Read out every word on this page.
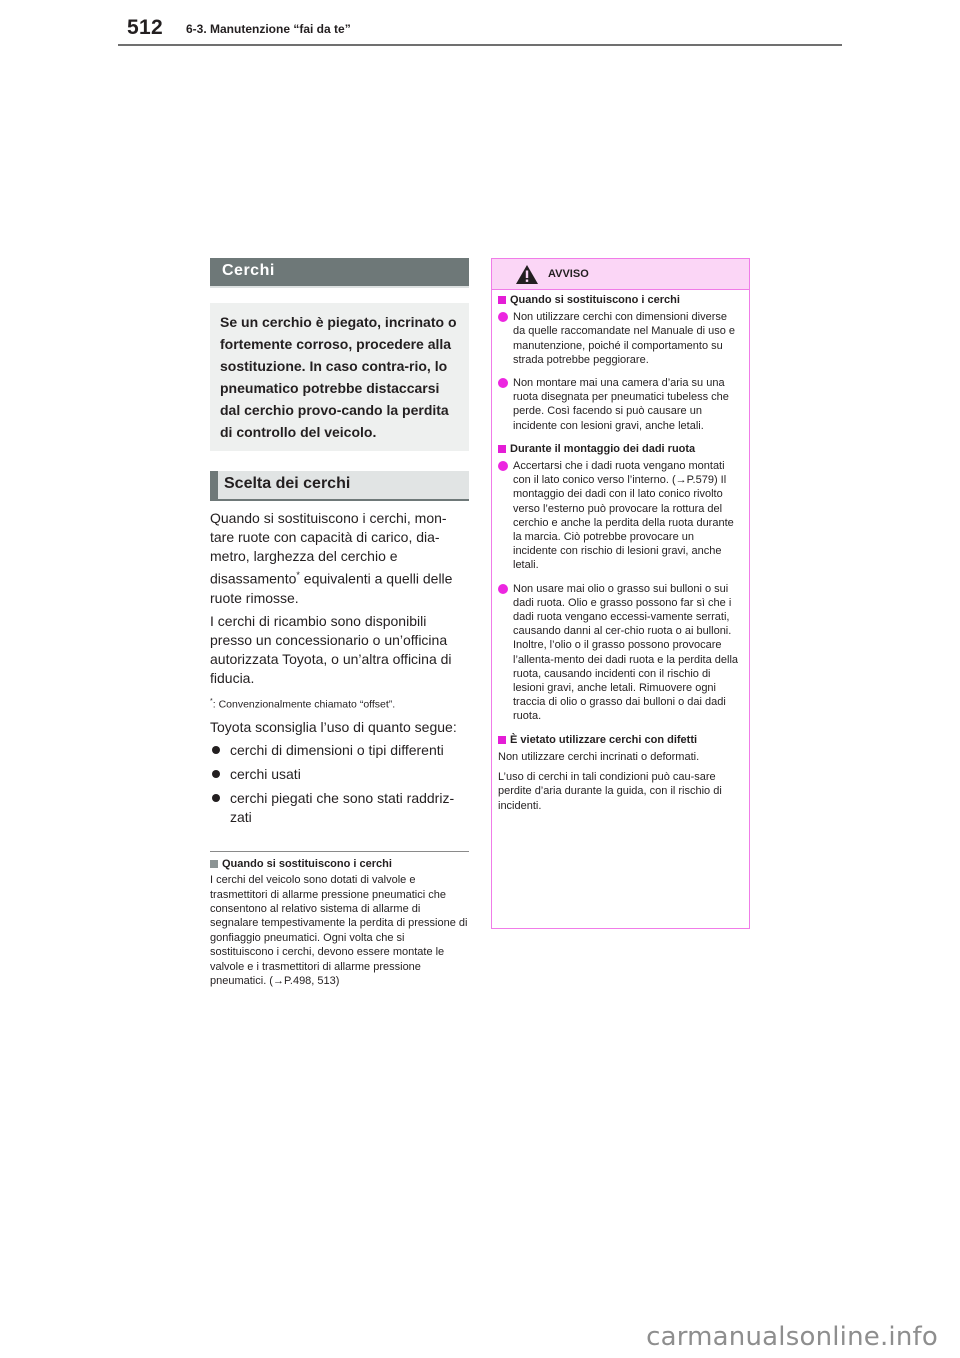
512 6-3. Manutenzione “fai da te”
Cerchi
Se un cerchio è piegato, incrinato o fortemente corroso, procedere alla sostituzione. In caso contra-rio, lo pneumatico potrebbe distaccarsi dal cerchio provo-cando la perdita di controllo del veicolo.
Scelta dei cerchi

Quando si sostituiscono i cerchi, mon-tare ruote con capacità di carico, dia-metro, larghezza del cerchio e disassamento* equivalenti a quelli delle ruote rimosse.

I cerchi di ricambio sono disponibili presso un concessionario o un’officina autorizzata Toyota, o un’altra officina di fiducia.

*: Convenzionalmente chiamato “offset”.

Toyota sconsiglia l’uso di quanto segue:

cerchi di dimensioni o tipi differenti
cerchi usati
cerchi piegati che sono stati raddriz-zati
Quando si sostituiscono i cerchi
I cerchi del veicolo sono dotati di valvole e trasmettitori di allarme pressione pneumatici che consentono al relativo sistema di allarme di segnalare tempestivamente la perdita di pressione di gonfiaggio pneumatici. Ogni volta che si sostituiscono i cerchi, devono essere montate le valvole e i trasmettitori di allarme pressione pneumatici. (→P.498, 513)
AVVISO
Quando si sostituiscono i cerchi
Non utilizzare cerchi con dimensioni diverse da quelle raccomandate nel Manuale di uso e manutenzione, poiché il comportamento su strada potrebbe peggiorare.
Non montare mai una camera d’aria su una ruota disegnata per pneumatici tubeless che perde. Così facendo si può causare un incidente con lesioni gravi, anche letali.
Durante il montaggio dei dadi ruota
Accertarsi che i dadi ruota vengano montati con il lato conico verso l’interno. (→P.579) Il montaggio dei dadi con il lato conico rivolto verso l’esterno può provocare la rottura del cerchio e anche la perdita della ruota durante la marcia. Ciò potrebbe provocare un incidente con rischio di lesioni gravi, anche letali.
Non usare mai olio o grasso sui bulloni o sui dadi ruota. Olio e grasso possono far sì che i dadi ruota vengano eccessi-vamente serrati, causando danni al cer-chio ruota o ai bulloni. Inoltre, l’olio o il grasso possono provocare l’allenta-mento dei dadi ruota e la perdita della ruota, causando incidenti con il rischio di lesioni gravi, anche letali. Rimuovere ogni traccia di olio o grasso dai bulloni o dai dadi ruota.
È vietato utilizzare cerchi con difetti
Non utilizzare cerchi incrinati o deformati.
L’uso di cerchi in tali condizioni può cau-sare perdite d’aria durante la guida, con il rischio di incidenti.
carmanualsonline.info
